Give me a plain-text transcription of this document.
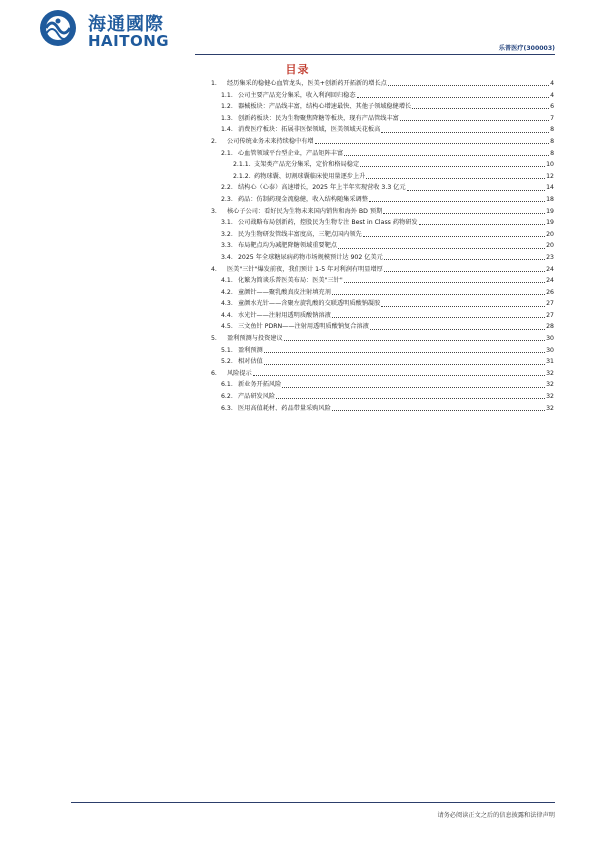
海通國際
HAITONG	乐普医疗(300003)
目录
1.	经历集采的稳健心血管龙头，医美+创新药开拓新的增长点	4
1.1. 公司主要产品充分集采，收入利润回归稳态	4
1.2. 器械板块：产品线丰富，结构心增速最快、其他子领域稳健增长	6
1.3. 创新药板块：民为生物聚焦降糖等板块，现有产品管线丰富	7
1.4. 消费医疗板块：拓展非医保领域，医美领域天花板高	8
2.	公司传统业务未来持续稳中有增	8
2.1. 心血管领域平台型企业，产品矩阵丰富	8
2.1.1. 支架类产品充分集采，定价和格局稳定	10
2.1.2. 药物球囊、切割球囊临床使用量逐步上升	12
2.2. 结构心（心泰）高速增长，2025 年上半年实现营收 3.3 亿元	14
2.3. 药品：仿制药现金流稳健，收入结构随集采调整	18
3.	核心子公司：看好民为生物未来国内销售和海外 BD 预期	19
3.1. 公司战略布局创新药，控股民为生物专注 Best in Class 药物研发	19
3.2. 民为生物研发管线丰富度高，三靶点国内领先	20
3.3. 布局靶点均为减肥降糖领域重要靶点	20
3.4. 2025 年全球糖尿病药物市场规模预计达 902 亿美元	23
4.	医美"三针"爆发前夜，我们预计 1-5 年对利润有明显增厚	24
4.1. 化繁为简谈乐普医美布局：医美"三针"	24
4.2. 童颜针——聚乳酸真皮注射填充剂	26
4.3. 童颜水光针——含聚左旋乳酸的交联透明质酸钠凝胶	27
4.4. 水光针——注射用透明质酸钠溶液	27
4.5. 三文鱼针 PDRN——注射用透明质酸钠复合溶液	28
5.	盈利预测与投资建议	30
5.1. 盈利预测	30
5.2. 相对估值	31
6.	风险提示	32
6.1. 新业务开拓风险	32
6.2. 产品研发风险	32
6.3. 医用高值耗材、药品带量采购风险	32
请务必阅读正文之后的信息披露和法律声明
